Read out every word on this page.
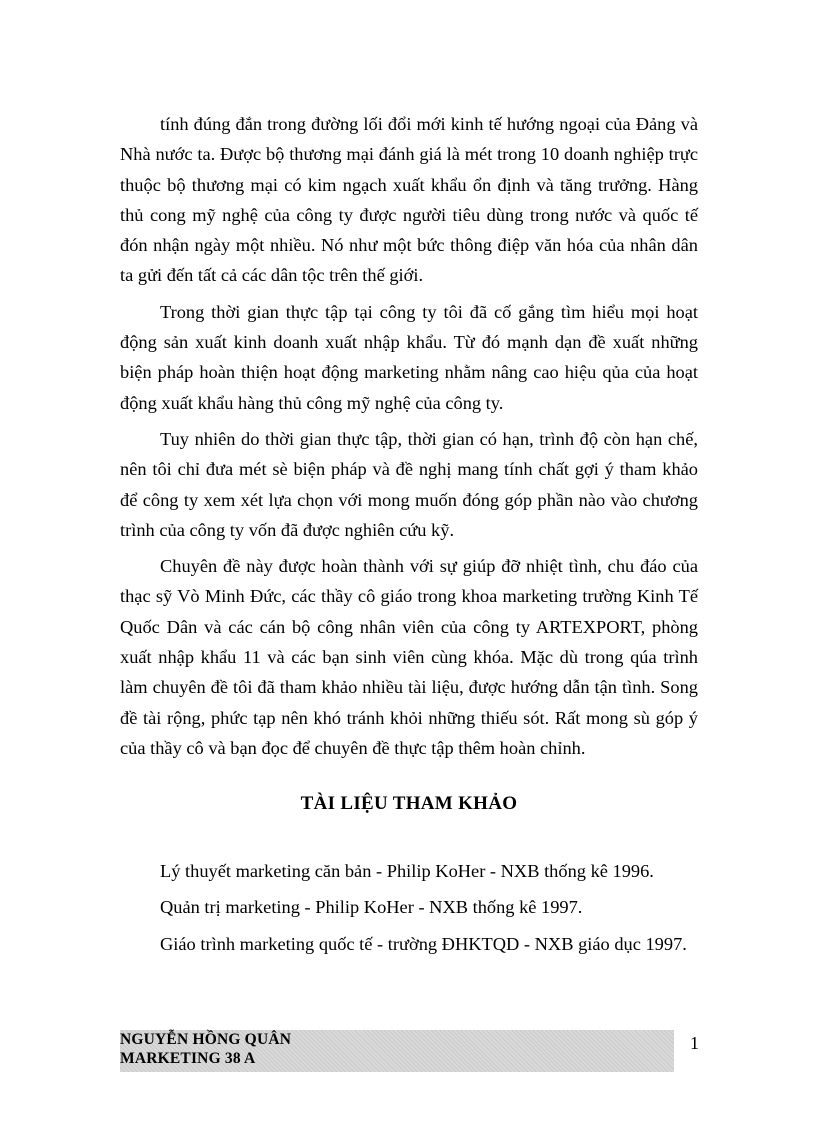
tính đúng đắn trong đường lối đổi mới kinh tế hướng ngoại của Đảng và Nhà nước ta. Được bộ thương mại đánh giá là mét trong 10 doanh nghiệp trực thuộc bộ thương mại có kim ngạch xuất khẩu ổn định và tăng trưởng. Hàng thủ cong mỹ nghệ của công ty được người tiêu dùng trong nước và quốc tế đón nhận ngày một nhiều. Nó như một bức thông điệp văn hóa của nhân dân ta gửi đến tất cả các dân tộc trên thế giới.

Trong thời gian thực tập tại công ty tôi đã cố gắng tìm hiểu mọi hoạt động sản xuất kinh doanh xuất nhập khẩu. Từ đó mạnh dạn đề xuất những biện pháp hoàn thiện hoạt động marketing nhằm nâng cao hiệu qủa của hoạt động xuất khẩu hàng thủ công mỹ nghệ của công ty.

Tuy nhiên do thời gian thực tập, thời gian có hạn, trình độ còn hạn chế, nên tôi chỉ đưa mét sè biện pháp và đề nghị mang tính chất gợi ý tham khảo để công ty xem xét lựa chọn với mong muốn đóng góp phần nào vào chương trình của công ty vốn đã được nghiên cứu kỹ.

Chuyên đề này được hoàn thành với sự giúp đỡ nhiệt tình, chu đáo của thạc sỹ Vò Minh Đức, các thầy cô giáo trong khoa marketing trường Kinh Tế Quốc Dân và các cán bộ công nhân viên của công ty ARTEXPORT, phòng xuất nhập khẩu 11 và các bạn sinh viên cùng khóa. Mặc dù trong qúa trình làm chuyên đề tôi đã tham khảo nhiều tài liệu, được hướng dẫn tận tình. Song đề tài rộng, phức tạp nên khó tránh khỏi những thiếu sót. Rất mong sù góp ý của thầy cô và bạn đọc để chuyên đề thực tập thêm hoàn chỉnh.

TÀI LIỆU THAM KHẢO

Lý thuyết marketing căn bản - Philip KoHer - NXB thống kê 1996.

Quản trị marketing - Philip KoHer - NXB thống kê 1997.

Giáo trình marketing quốc tế - trường ĐHKTQD - NXB giáo dục 1997.

NGUYỄN HỒNG QUÂN
MARKETING 38 A
1
